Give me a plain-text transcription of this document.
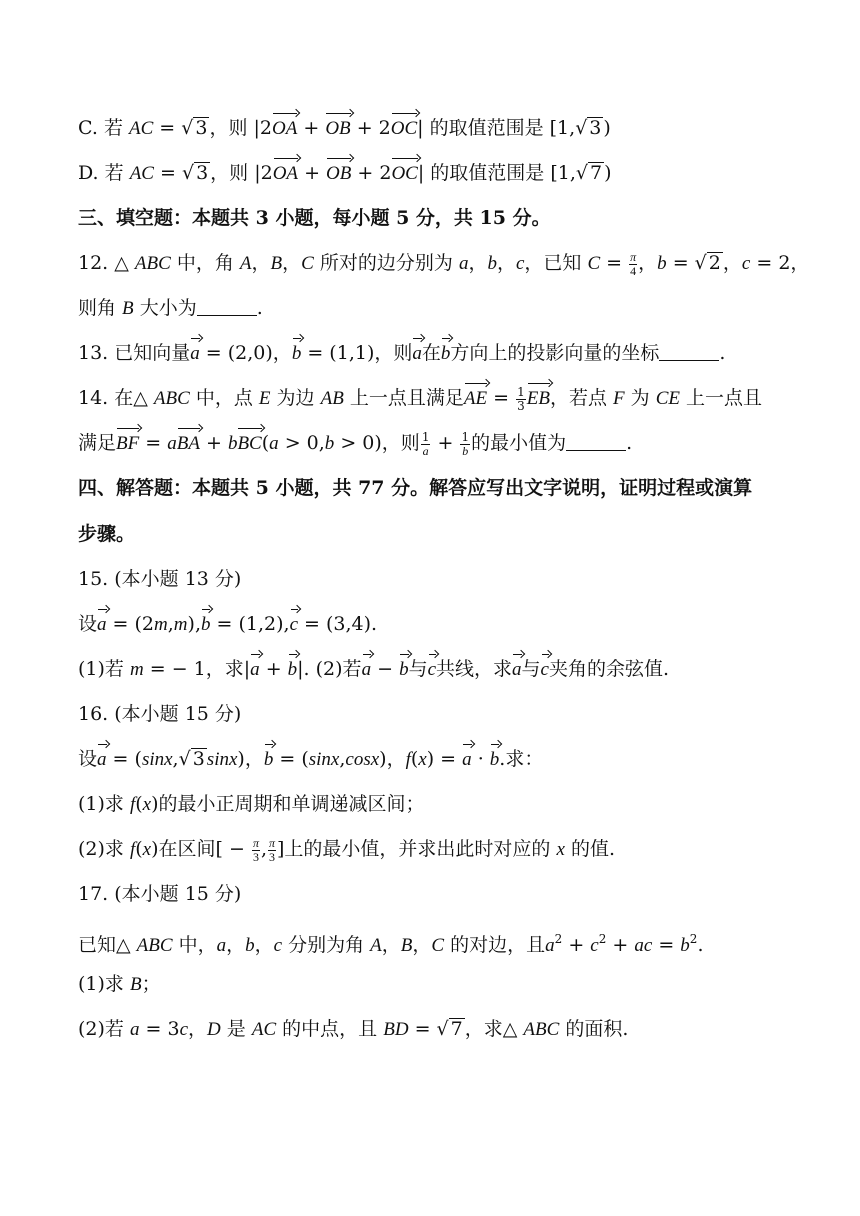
C. 若 AC = √ 3 ，则 |2OA + OB + 2OC| 的取值范围是 [1,√ 3 )
D. 若 AC = √ 3 ，则 |2OA + OB + 2OC| 的取值范围是 [1,√ 7 )
三、填空题：本题共 3 小题，每小题 5 分，共 15 分。
12. △ ABC 中，角 A，B，C 所对的边分别为 a，b，c，已知 $C = \frac{\pi}{4}$ ，b = √ 2 ，c = 2，
则角 B 大小为	.
13. 已知向量a = (2,0)，b = (1,1)，则a在b方向上的投影向量的坐标	.
14. 在△ ABC 中，点 E 为边 AB 上一点且满足AE = $\frac{1}{3}$ EB，若点 F 为 CE 上一点且
满足BF = aBA + bBC(a > 0,b > 0)，则 $\frac{1}{a} + \frac{1}{b}$ 的最小值为	.
四、解答题：本题共 5 小题，共 77 分。解答应写出文字说明，证明过程或演算
步骤。
15. (本小题 13 分)
设a = (2m,m),b = (1,2),c = (3,4).
(1)若 m = − 1，求|a + b|. (2)若a − b与c共线，求a与c夹角的余弦值.
16. (本小题 15 分)
设a = (sinx,√ 3 sinx)，b = (sinx,cosx)，f(x) = a · b.求：
(1)求 f(x)的最小正周期和单调递减区间；
(2)求 f(x)在区间[ − $\frac{\pi}{3}$ , $\frac{\pi}{3}$ ]上的最小值，并求出此时对应的 x 的值.
17. (本小题 15 分)
已知△ ABC 中，a，b，c 分别为角 A，B，C 的对边，且$a^2 + c^2$ + ac = $b^2$.
(1)求 B；
(2)若 a = 3c，D 是 AC 的中点，且 BD = √ 7 ，求△ ABC 的面积.
